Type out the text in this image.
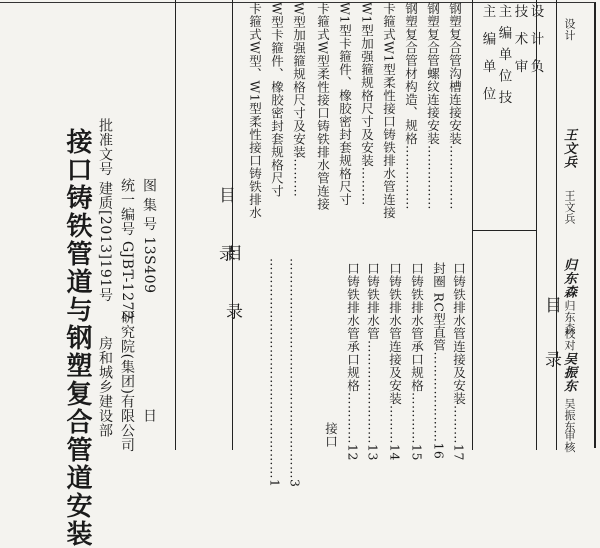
接口铸铁管道与钢塑复合管道安装 房和城乡建设部 研究院(集团)有限公司 日
批准文号 建质[2013]191号 统一编号 GJBT-1272 图 集 号 13S409	目 录
目 录 ……………………………………………1 ……………………………………………3 接口 口铸铁排水管承口规格…………12 口铸铁排水管……………………13 口铸铁排水管连接及安装………14 口铸铁排水管承口规格…………15 封圈 RC型直管…………………16 口铸铁排水管连接及安装………17
卡箍式W型、W1型柔性接口铸铁排水 W型卡箍件、橡胶密封套规格尺寸 W型加强箍规格尺寸及安装……… 卡箍式W型柔性接口铸铁排水管连接 W1型卡箍件、橡胶密封套规格尺寸 W1型加强箍规格尺寸及安装……… 卡箍式W1型柔性接口铸铁排水管连接 钢塑复合管材构造、规格…………… 钢塑复合管螺纹连接安装…………… 钢塑复合管沟槽连接安装…………… 主编单位 主编单位技 技术审 设计负
目 录
审核
吴振东
吴振东
校对
归东森
归东森
设计
王文兵
王文兵
